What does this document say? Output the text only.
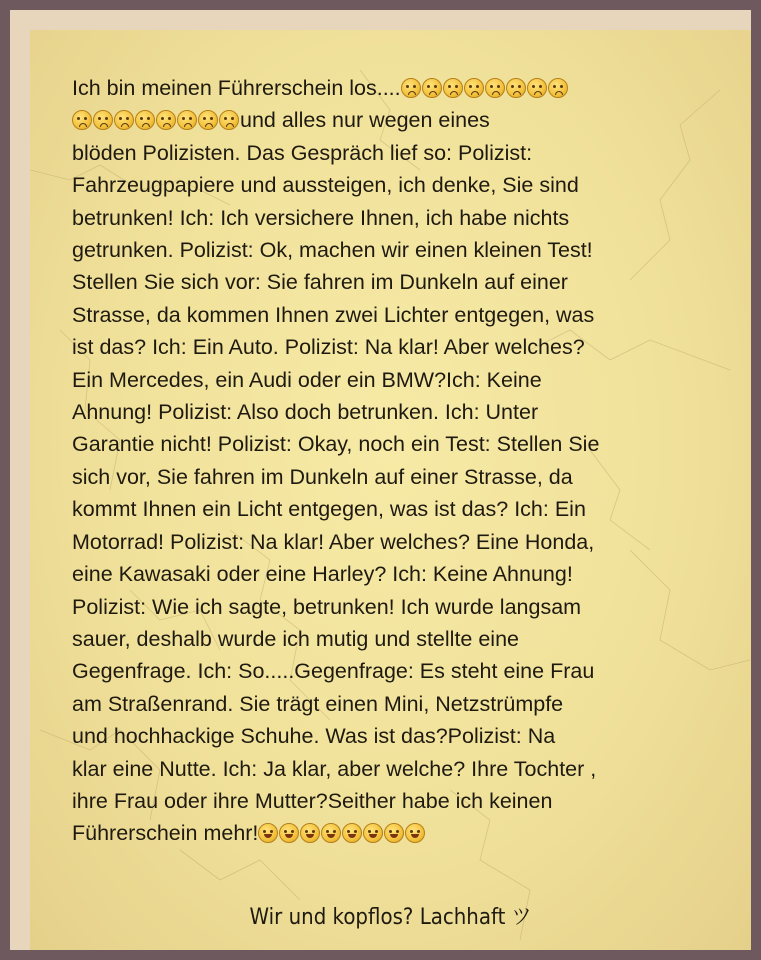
Ich bin meinen Führerschein los....
und alles nur wegen eines
blöden Polizisten. Das Gespräch lief so: Polizist:
Fahrzeugpapiere und aussteigen, ich denke, Sie sind
betrunken! Ich: Ich versichere Ihnen, ich habe nichts
getrunken. Polizist: Ok, machen wir einen kleinen Test!
Stellen Sie sich vor: Sie fahren im Dunkeln auf einer
Strasse, da kommen Ihnen zwei Lichter entgegen, was
ist das? Ich: Ein Auto. Polizist: Na klar! Aber welches?
Ein Mercedes, ein Audi oder ein BMW?Ich: Keine
Ahnung! Polizist: Also doch betrunken. Ich: Unter
Garantie nicht! Polizist: Okay, noch ein Test: Stellen Sie
sich vor, Sie fahren im Dunkeln auf einer Strasse, da
kommt Ihnen ein Licht entgegen, was ist das? Ich: Ein
Motorrad! Polizist: Na klar! Aber welches? Eine Honda,
eine Kawasaki oder eine Harley? Ich: Keine Ahnung!
Polizist: Wie ich sagte, betrunken! Ich wurde langsam
sauer, deshalb wurde ich mutig und stellte eine
Gegenfrage. Ich: So.....Gegenfrage: Es steht eine Frau
am Straßenrand. Sie trägt einen Mini, Netzstrümpfe
und hochhackige Schuhe. Was ist das?Polizist: Na
klar eine Nutte. Ich: Ja klar, aber welche? Ihre Tochter ,
ihre Frau oder ihre Mutter?Seither habe ich keinen
Führerschein mehr!
Wir und kopflos? Lachhaft ツ
